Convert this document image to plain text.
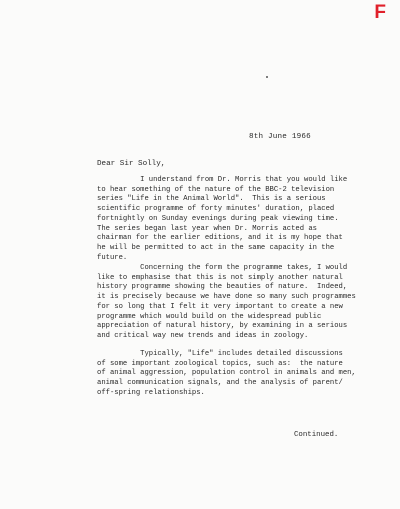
F
8th June 1966
Dear Sir Solly,
I understand from Dr. Morris that you would like
to hear something of the nature of the BBC-2 television
series "Life in the Animal World".  This is a serious
scientific programme of forty minutes' duration, placed
fortnightly on Sunday evenings during peak viewing time.
The series began last year when Dr. Morris acted as
chairman for the earlier editions, and it is my hope that
he will be permitted to act in the same capacity in the
future.
Concerning the form the programme takes, I would
like to emphasise that this is not simply another natural
history programme showing the beauties of nature.  Indeed,
it is precisely because we have done so many such programmes
for so long that I felt it very important to create a new
programme which would build on the widespread public
appreciation of natural history, by examining in a serious
and critical way new trends and ideas in zoology.
Typically, "Life" includes detailed discussions
of some important zoological topics, such as:  the nature
of animal aggression, population control in animals and men,
animal communication signals, and the analysis of parent/
off-spring relationships.
Continued.
